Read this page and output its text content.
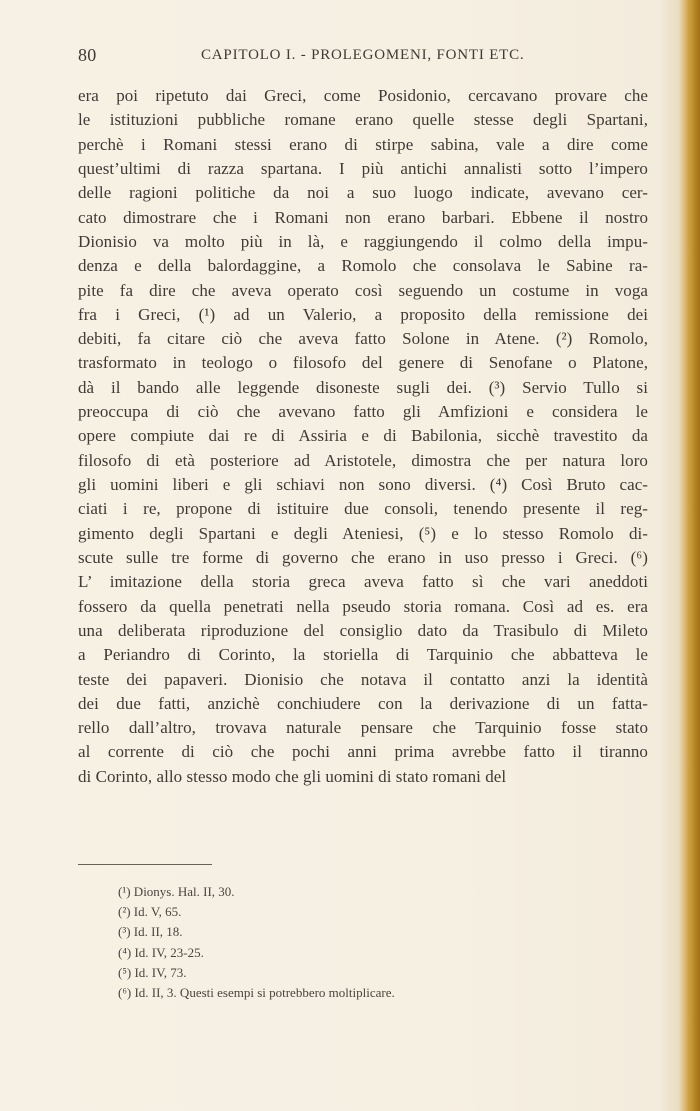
80	CAPITOLO I. - PROLEGOMENI, FONTI ETC.
era poi ripetuto dai Greci, come Posidonio, cercavano provare che
le istituzioni pubbliche romane erano quelle stesse degli Spartani,
perchè i Romani stessi erano di stirpe sabina, vale a dire come
quest’ultimi di razza spartana. I più antichi annalisti sotto l’impero
delle ragioni politiche da noi a suo luogo indicate, avevano cer-
cato dimostrare che i Romani non erano barbari. Ebbene il nostro
Dionisio va molto più in là, e raggiungendo il colmo della impu-
denza e della balordaggine, a Romolo che consolava le Sabine ra-
pite fa dire che aveva operato così seguendo un costume in voga
fra i Greci, (¹) ad un Valerio, a proposito della remissione dei
debiti, fa citare ciò che aveva fatto Solone in Atene. (²) Romolo,
trasformato in teologo o filosofo del genere di Senofane o Platone,
dà il bando alle leggende disoneste sugli dei. (³) Servio Tullo si
preoccupa di ciò che avevano fatto gli Amfizioni e considera le
opere compiute dai re di Assiria e di Babilonia, sicchè travestito da
filosofo di età posteriore ad Aristotele, dimostra che per natura loro
gli uomini liberi e gli schiavi non sono diversi. (⁴) Così Bruto cac-
ciati i re, propone di istituire due consoli, tenendo presente il reg-
gimento degli Spartani e degli Ateniesi, (⁵) e lo stesso Romolo di-
scute sulle tre forme di governo che erano in uso presso i Greci. (⁶)
L’ imitazione della storia greca aveva fatto sì che vari aneddoti
fossero da quella penetrati nella pseudo storia romana. Così ad es. era
una deliberata riproduzione del consiglio dato da Trasibulo di Mileto
a Periandro di Corinto, la storiella di Tarquinio che abbatteva le
teste dei papaveri. Dionisio che notava il contatto anzi la identità
dei due fatti, anzichè conchiudere con la derivazione di un fatta-
rello dall’altro, trovava naturale pensare che Tarquinio fosse stato
al corrente di ciò che pochi anni prima avrebbe fatto il tiranno
di Corinto, allo stesso modo che gli uomini di stato romani del
(¹) Dionys. Hal. II, 30.
(²) Id. V, 65.
(³) Id. II, 18.
(⁴) Id. IV, 23-25.
(⁵) Id. IV, 73.
(⁶) Id. II, 3. Questi esempi si potrebbero moltiplicare.
